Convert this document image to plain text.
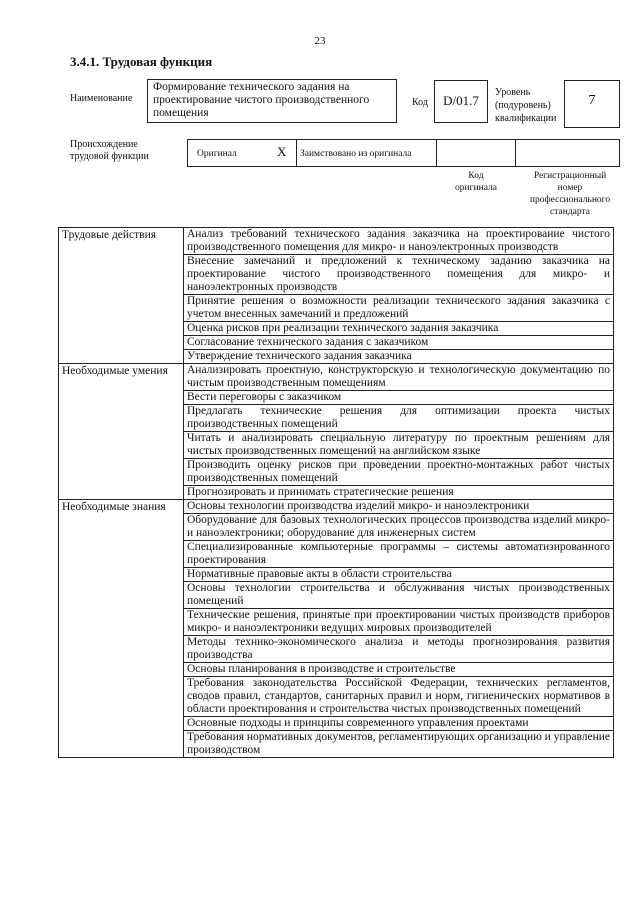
23
3.4.1. Трудовая функция
Наименование
Формирование технического задания на проектирование чистого производственного помещения
Код	D/01.7
Уровень
(подуровень)
квалификации
7
Происхождение
трудовой функции	Оригинал	X Заимствовано из оригинала
Код
оригинала
Регистрационный
номер
профессионального
стандарта
Трудовые действия	Анализ требований технического задания заказчика на проектирование чистого производственного помещения для микро- и наноэлектронных производств
	Внесение замечаний и предложений к техническому заданию заказчика на проектирование чистого производственного помещения для микро- и наноэлектронных производств
	Принятие решения о возможности реализации технического задания заказчика с учетом внесенных замечаний и предложений
	Оценка рисков при реализации технического задания заказчика
	Согласование технического задания с заказчиком
	Утверждение технического задания заказчика
Необходимые умения	Анализировать проектную, конструкторскую и технологическую документацию по чистым производственным помещениям
	Вести переговоры с заказчиком
	Предлагать технические решения для оптимизации проекта чистых производственных помещений
	Читать и анализировать специальную литературу по проектным решениям для чистых производственных помещений на английском языке
	Производить оценку рисков при проведении проектно-монтажных работ чистых производственных помещений
	Прогнозировать и принимать стратегические решения
Необходимые знания	Основы технологии производства изделий микро- и наноэлектроники
	Оборудование для базовых технологических процессов производства изделий микро- и наноэлектроники; оборудование для инженерных систем
	Специализированные компьютерные программы – системы автоматизированного проектирования
	Нормативные правовые акты в области строительства
	Основы технологии строительства и обслуживания чистых производственных помещений
	Технические решения, принятые при проектировании чистых производств приборов микро- и наноэлектроники ведущих мировых производителей
	Методы технико-экономического анализа и методы прогнозирования развития производства
	Основы планирования в производстве и строительстве
	Требования законодательства Российской Федерации, технических регламентов, сводов правил, стандартов, санитарных правил и норм, гигиенических нормативов в области проектирования и строительства чистых производственных помещений
	Основные подходы и принципы современного управления проектами
	Требования нормативных документов, регламентирующих организацию и управление производством
